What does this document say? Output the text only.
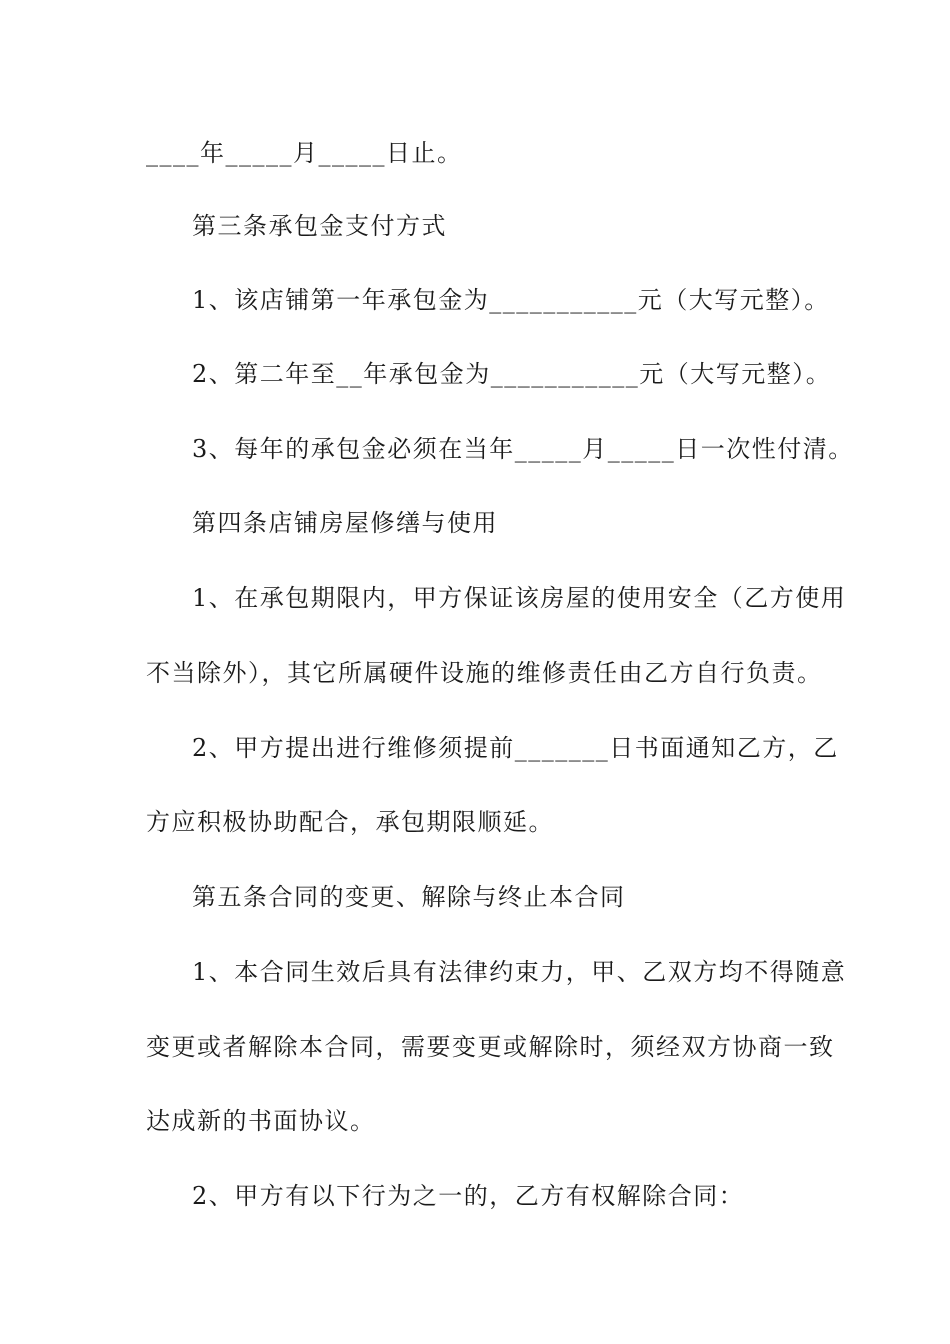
____年_____月_____日止。
第三条承包金支付方式
1、该店铺第一年承包金为___________元（大写元整）。
2、第二年至__年承包金为___________元（大写元整）。
3、每年的承包金必须在当年_____月_____日一次性付清。
第四条店铺房屋修缮与使用
1、在承包期限内，甲方保证该房屋的使用安全（乙方使用
不当除外），其它所属硬件设施的维修责任由乙方自行负责。
2、甲方提出进行维修须提前_______日书面通知乙方，乙
方应积极协助配合，承包期限顺延。
第五条合同的变更、解除与终止本合同
1、本合同生效后具有法律约束力，甲、乙双方均不得随意
变更或者解除本合同，需要变更或解除时，须经双方协商一致
达成新的书面协议。
2、甲方有以下行为之一的，乙方有权解除合同：
